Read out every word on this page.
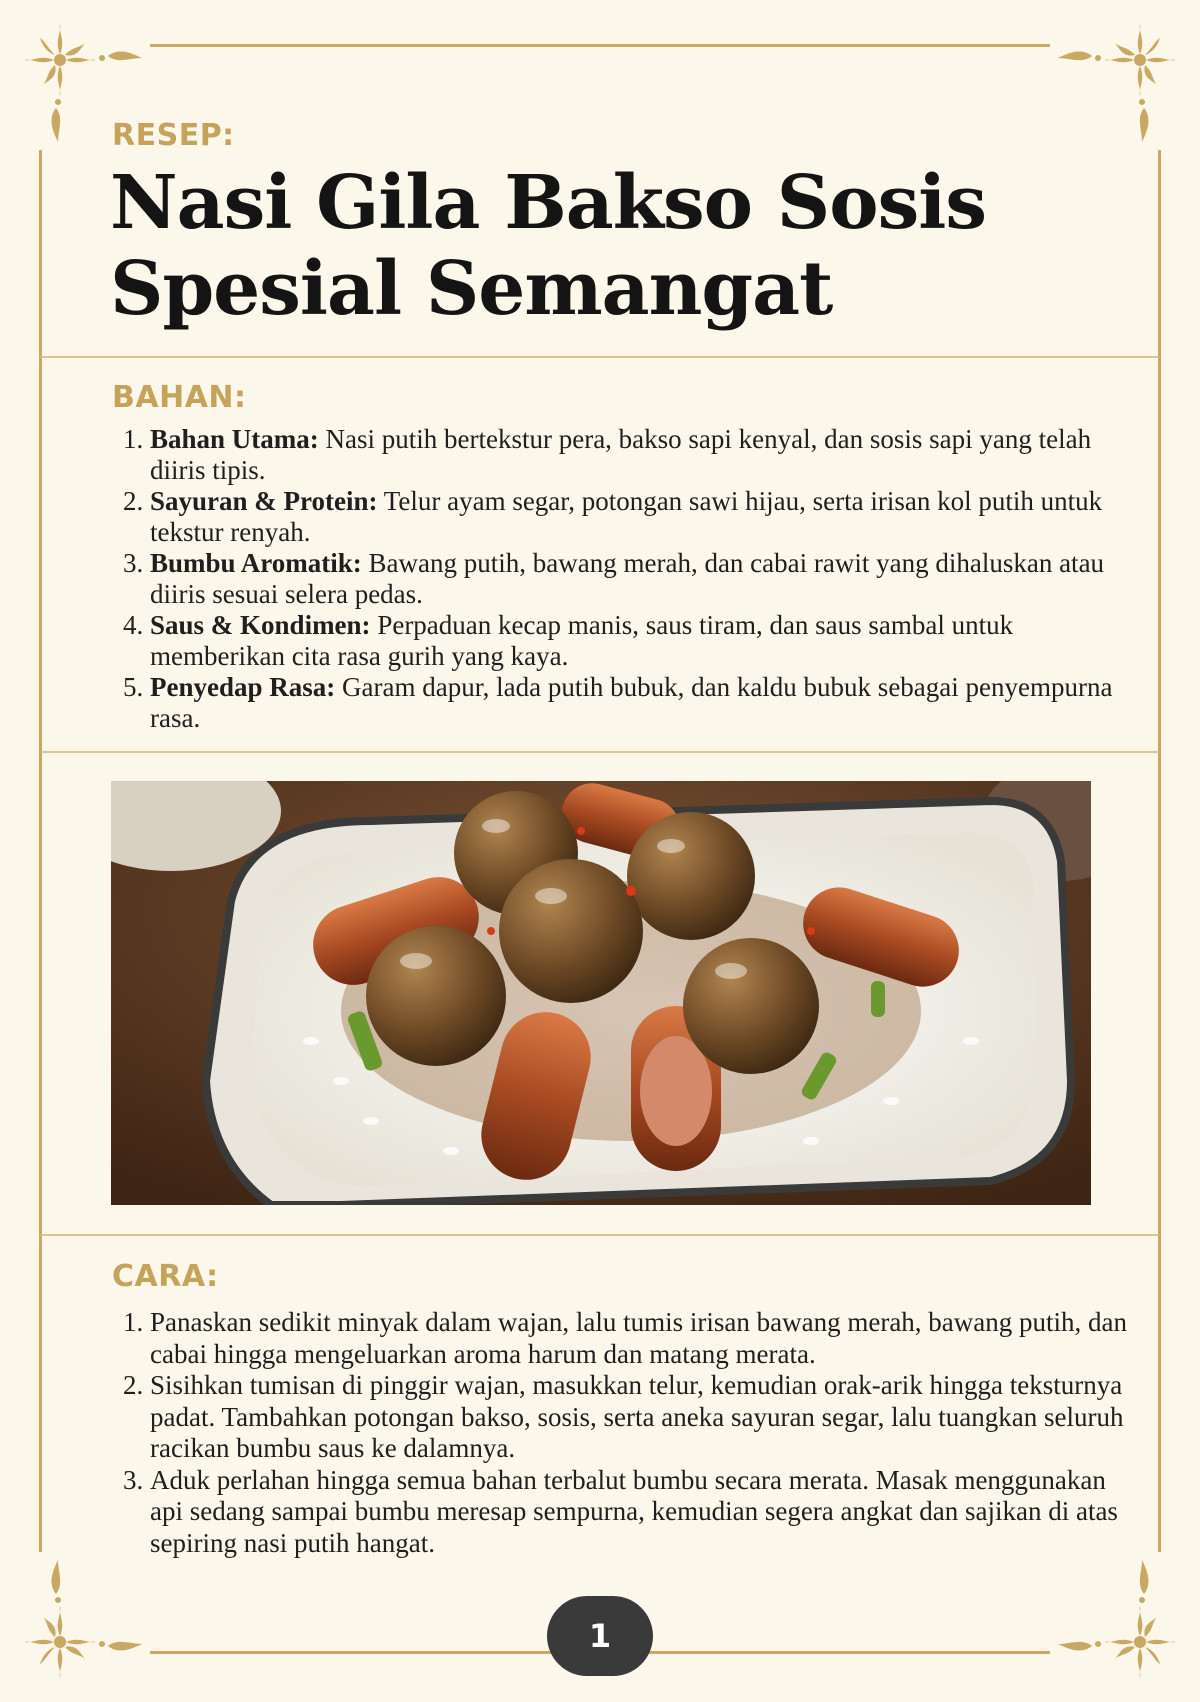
RESEP:
Nasi Gila Bakso Sosis
Spesial Semangat
BAHAN:
1. Bahan Utama: Nasi putih bertekstur pera, bakso sapi kenyal, dan sosis sapi yang telah diiris tipis.
2. Sayuran & Protein: Telur ayam segar, potongan sawi hijau, serta irisan kol putih untuk tekstur renyah.
3. Bumbu Aromatik: Bawang putih, bawang merah, dan cabai rawit yang dihaluskan atau diiris sesuai selera pedas.
4. Saus & Kondimen: Perpaduan kecap manis, saus tiram, dan saus sambal untuk memberikan cita rasa gurih yang kaya.
5. Penyedap Rasa: Garam dapur, lada putih bubuk, dan kaldu bubuk sebagai penyempurna rasa.
CARA:
1. Panaskan sedikit minyak dalam wajan, lalu tumis irisan bawang merah, bawang putih, dan cabai hingga mengeluarkan aroma harum dan matang merata.
2. Sisihkan tumisan di pinggir wajan, masukkan telur, kemudian orak-arik hingga teksturnya padat. Tambahkan potongan bakso, sosis, serta aneka sayuran segar, lalu tuangkan seluruh racikan bumbu saus ke dalamnya.
3. Aduk perlahan hingga semua bahan terbalut bumbu secara merata. Masak menggunakan api sedang sampai bumbu meresap sempurna, kemudian segera angkat dan sajikan di atas sepiring nasi putih hangat.
1
